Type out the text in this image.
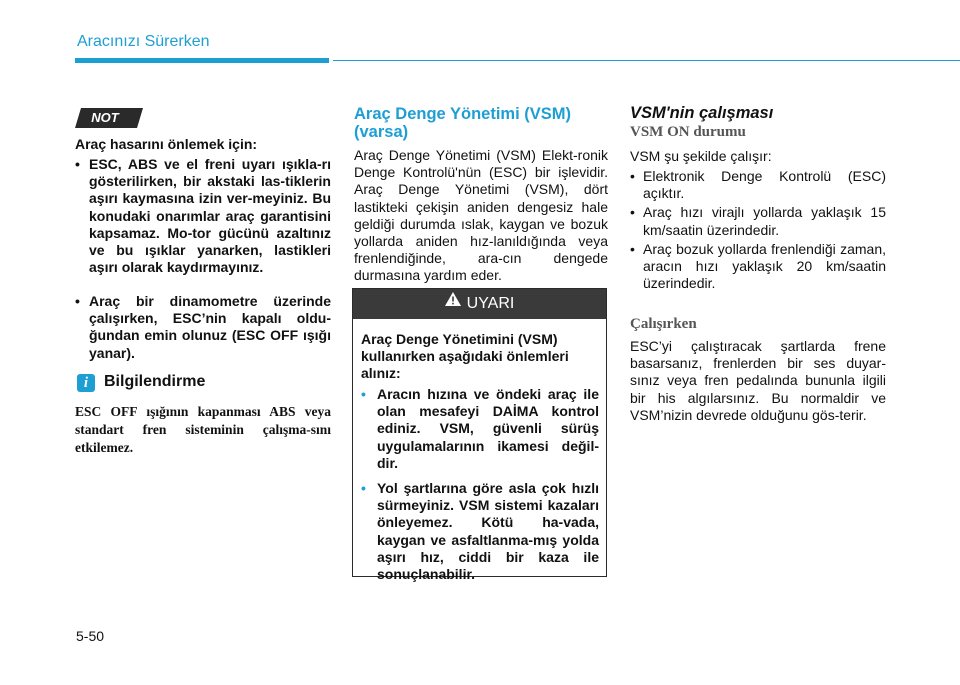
Aracınızı Sürerken
NOT
Araç hasarını önlemek için:
• ESC, ABS ve el freni uyarı ışıkla-rı gösterilirken, bir akstaki las-tiklerin aşırı kaymasına izin ver-meyiniz. Bu konudaki onarımlar araç garantisini kapsamaz. Mo-tor gücünü azaltınız ve bu ışıklar yanarken, lastikleri aşırı olarak kaydırmayınız.
• Araç bir dinamometre üzerinde çalışırken, ESC’nin kapalı oldu-ğundan emin olunuz (ESC OFF ışığı yanar).
i Bilgilendirme
ESC OFF ışığının kapanması ABS veya standart fren sisteminin çalışma-sını etkilemez.
Araç Denge Yönetimi (VSM) (varsa)
Araç Denge Yönetimi (VSM) Elekt-ronik Denge Kontrolü'nün (ESC) bir işlevidir. Araç Denge Yönetimi (VSM), dört lastikteki çekişin aniden dengesiz hale geldiği durumda ıslak, kaygan ve bozuk yollarda aniden hız-lanıldığında veya frenlendiğinde, ara-cın dengede durmasına yardım eder.
UYARI
Araç Denge Yönetimini (VSM) kullanırken aşağıdaki önlemleri alınız:
• Aracın hızına ve öndeki araç ile olan mesafeyi DAİMA kontrol ediniz. VSM, güvenli sürüş uygulamalarının ikamesi değil-dir.
• Yol şartlarına göre asla çok hızlı sürmeyiniz. VSM sistemi kazaları önleyemez. Kötü ha-vada, kaygan ve asfaltlanma-mış yolda aşırı hız, ciddi bir kaza ile sonuçlanabilir.
VSM'nin çalışması
VSM ON durumu
VSM şu şekilde çalışır:
• Elektronik Denge Kontrolü (ESC) açıktır.
• Araç hızı virajlı yollarda yaklaşık 15 km/saatin üzerindedir.
• Araç bozuk yollarda frenlendiği zaman, aracın hızı yaklaşık 20 km/saatin üzerindedir.
Çalışırken
ESC’yi çalıştıracak şartlarda frene basarsanız, frenlerden bir ses duyar-sınız veya fren pedalında bununla ilgili bir his algılarsınız. Bu normaldir ve VSM’nizin devrede olduğunu gös-terir.
5-50
